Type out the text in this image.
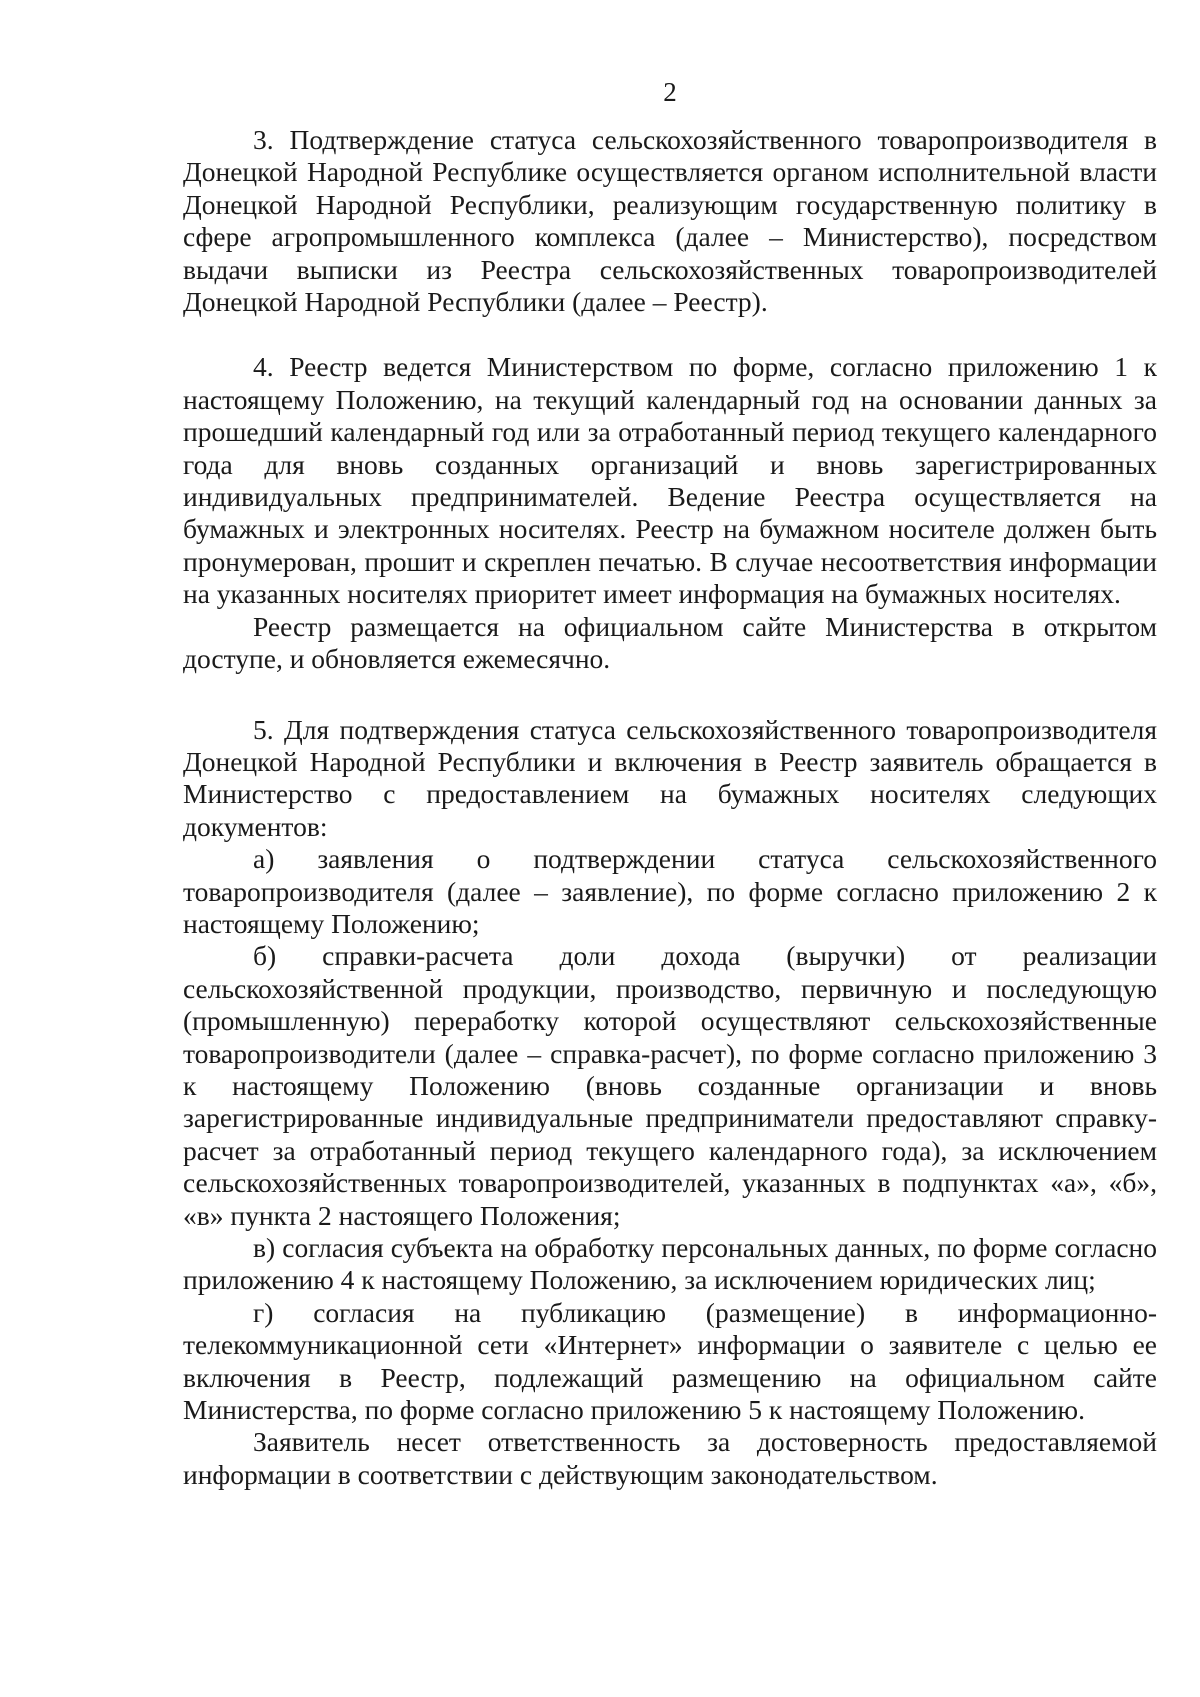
2

3. Подтверждение статуса сельскохозяйственного товаропроизводителя в Донецкой Народной Республике осуществляется органом исполнительной власти Донецкой Народной Республики, реализующим государственную политику в сфере агропромышленного комплекса (далее – Министерство), посредством выдачи выписки из Реестра сельскохозяйственных товаропроизводителей Донецкой Народной Республики (далее – Реестр).

4. Реестр ведется Министерством по форме, согласно приложению 1 к настоящему Положению, на текущий календарный год на основании данных за прошедший календарный год или за отработанный период текущего календарного года для вновь созданных организаций и вновь зарегистрированных индивидуальных предпринимателей. Ведение Реестра осуществляется на бумажных и электронных носителях. Реестр на бумажном носителе должен быть пронумерован, прошит и скреплен печатью. В случае несоответствия информации на указанных носителях приоритет имеет информация на бумажных носителях.

Реестр размещается на официальном сайте Министерства в открытом доступе, и обновляется ежемесячно.

5. Для подтверждения статуса сельскохозяйственного товаропроизводителя Донецкой Народной Республики и включения в Реестр заявитель обращается в Министерство с предоставлением на бумажных носителях следующих документов:

а) заявления о подтверждении статуса сельскохозяйственного товаропроизводителя (далее – заявление), по форме согласно приложению 2 к настоящему Положению;

б) справки-расчета доли дохода (выручки) от реализации сельскохозяйственной продукции, производство, первичную и последующую (промышленную) переработку которой осуществляют сельскохозяйственные товаропроизводители (далее – справка-расчет), по форме согласно приложению 3 к настоящему Положению (вновь созданные организации и вновь зарегистрированные индивидуальные предприниматели предоставляют справку-расчет за отработанный период текущего календарного года), за исключением сельскохозяйственных товаропроизводителей, указанных в подпунктах «а», «б», «в» пункта 2 настоящего Положения;

в) согласия субъекта на обработку персональных данных, по форме согласно приложению 4 к настоящему Положению, за исключением юридических лиц;

г) согласия на публикацию (размещение) в информационно-телекоммуникационной сети «Интернет» информации о заявителе с целью ее включения в Реестр, подлежащий размещению на официальном сайте Министерства, по форме согласно приложению 5 к настоящему Положению.

Заявитель несет ответственность за достоверность предоставляемой информации в соответствии с действующим законодательством.
